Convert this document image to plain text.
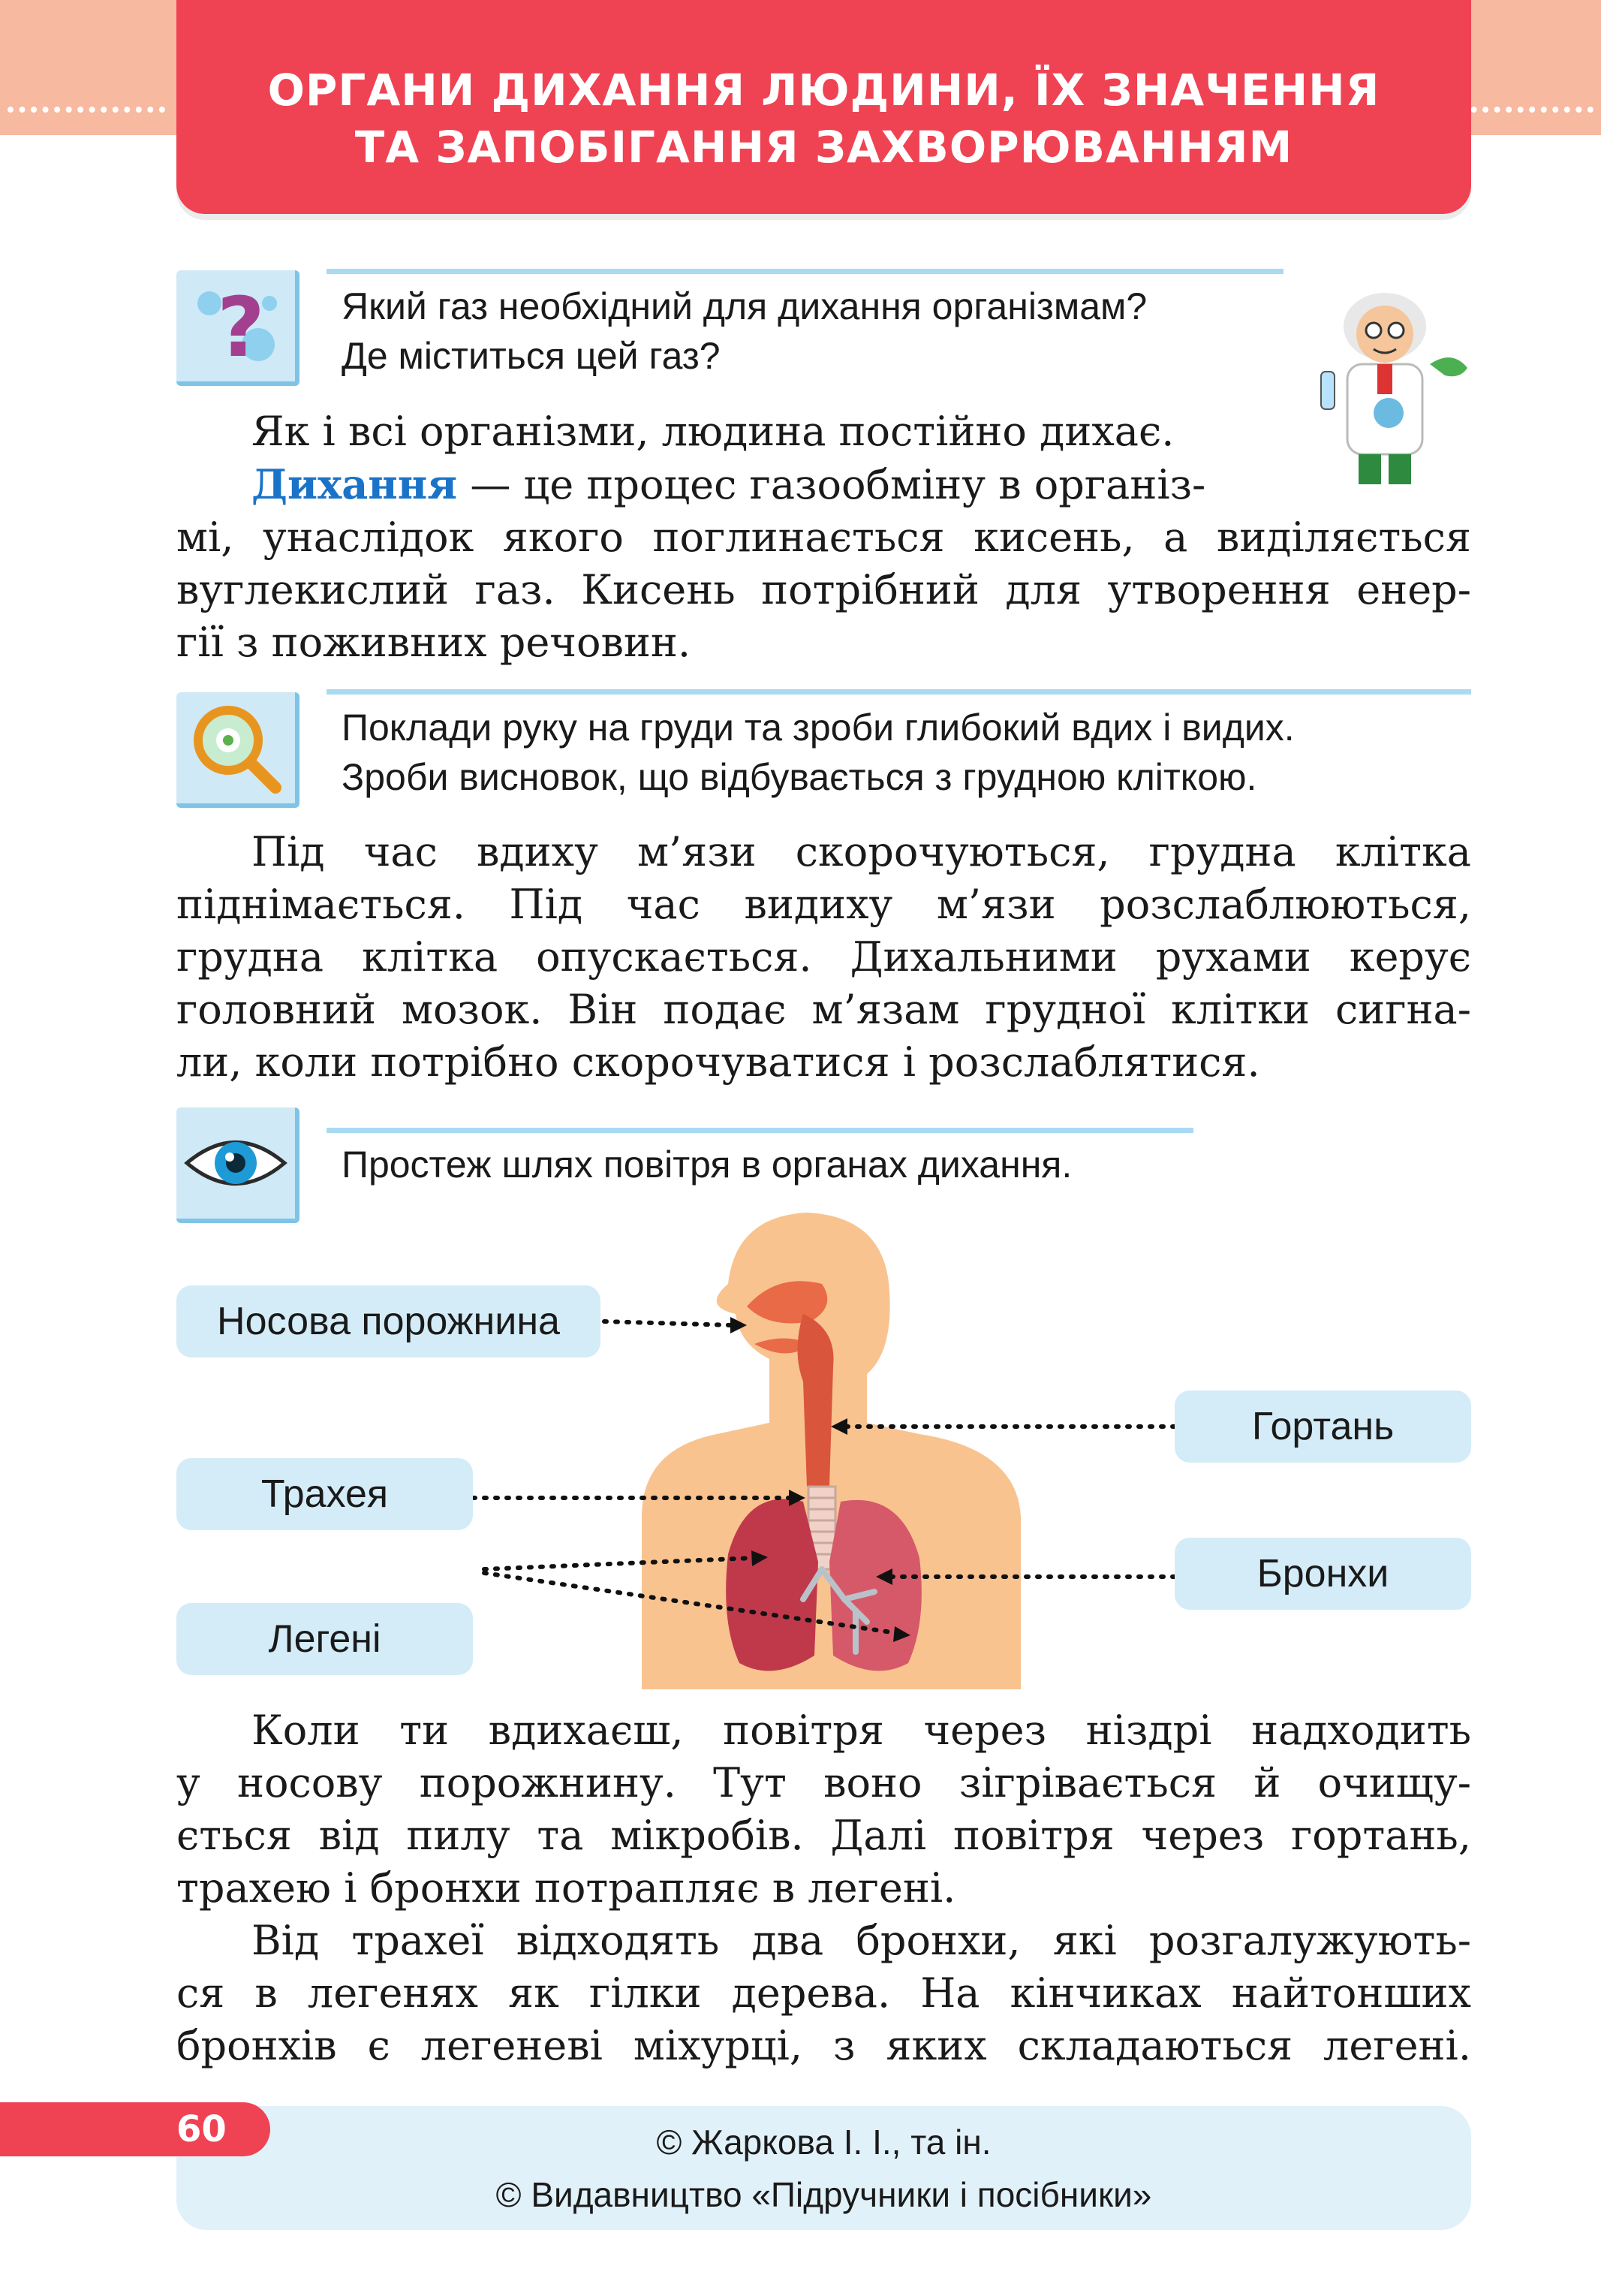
ОРГАНИ ДИХАННЯ ЛЮДИНИ, ЇХ ЗНАЧЕННЯ
ТА ЗАПОБІГАННЯ ЗАХВОРЮВАННЯМ
? Який газ необхідний для дихання організмам?
Де міститься цей газ?
Як і всі організми, людина постійно дихає.
Дихання — це процес газообміну в організ-
мі, унаслідок якого поглинається кисень, а виділяється
вуглекислий газ. Кисень потрібний для утворення енер-
гії з поживних речовин.
Поклади руку на груди та зроби глибокий вдих і видих.
Зроби висновок, що відбувається з грудною кліткою.
Під час вдиху м’язи скорочуються, грудна клітка
піднімається. Під час видиху м’язи розслаблюються,
грудна клітка опускається. Дихальними рухами керує
головний мозок. Він подає м’язам грудної клітки сигна-
ли, коли потрібно скорочуватися і розслаблятися.
Простеж шлях повітря в органах дихання.
Носова порожнина
Гортань
Трахея
Бронхи
Легені
Коли ти вдихаєш, повітря через ніздрі надходить
у носову порожнину. Тут воно зігрівається й очищу-
ється від пилу та мікробів. Далі повітря через гортань,
трахею і бронхи потрапляє в легені.
Від трахеї відходять два бронхи, які розгалужують-
ся в легенях як гілки дерева. На кінчиках найтонших
бронхів є легеневі міхурці, з яких складаються легені.
© Жаркова І. І., та ін.
© Видавництво «Підручники і посібники»
60
